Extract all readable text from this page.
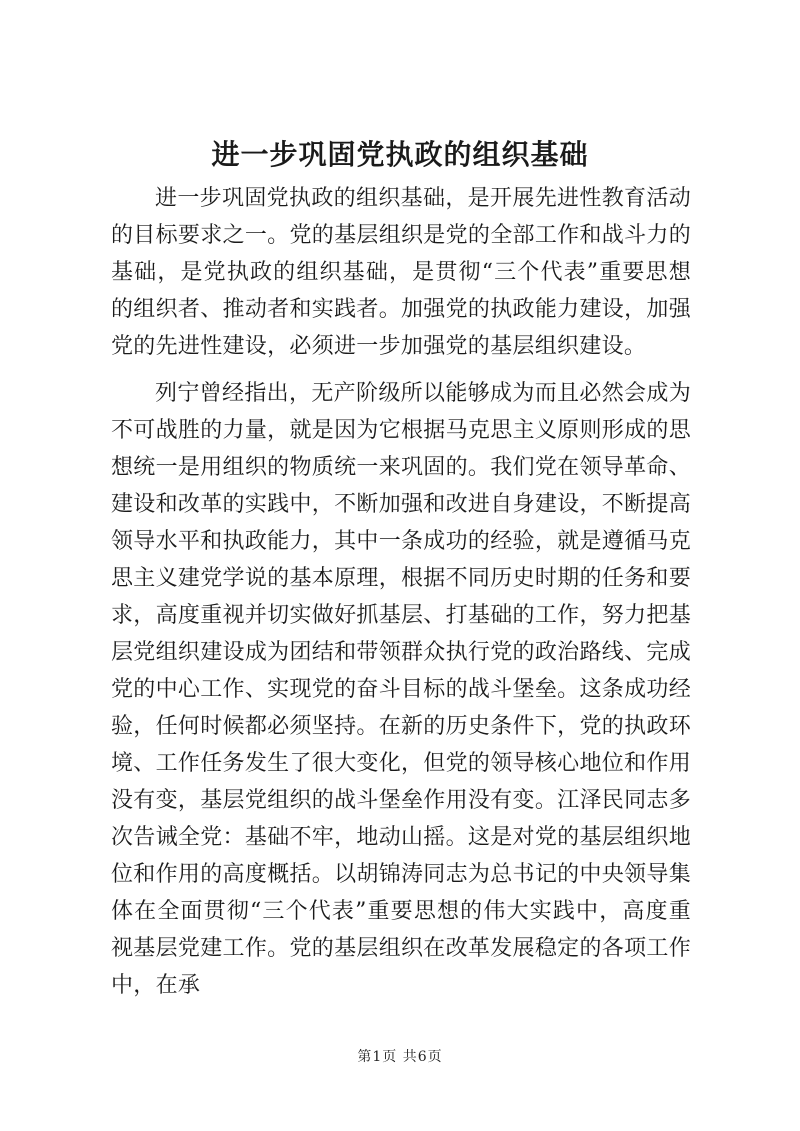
进一步巩固党执政的组织基础

进一步巩固党执政的组织基础，是开展先进性教育活动的目标要求之一。党的基层组织是党的全部工作和战斗力的基础，是党执政的组织基础，是贯彻“三个代表”重要思想的组织者、推动者和实践者。加强党的执政能力建设，加强党的先进性建设，必须进一步加强党的基层组织建设。

列宁曾经指出，无产阶级所以能够成为而且必然会成为不可战胜的力量，就是因为它根据马克思主义原则形成的思想统一是用组织的物质统一来巩固的。我们党在领导革命、建设和改革的实践中，不断加强和改进自身建设，不断提高领导水平和执政能力，其中一条成功的经验，就是遵循马克思主义建党学说的基本原理，根据不同历史时期的任务和要求，高度重视并切实做好抓基层、打基础的工作，努力把基层党组织建设成为团结和带领群众执行党的政治路线、完成党的中心工作、实现党的奋斗目标的战斗堡垒。这条成功经验，任何时候都必须坚持。在新的历史条件下，党的执政环境、工作任务发生了很大变化，但党的领导核心地位和作用没有变，基层党组织的战斗堡垒作用没有变。江泽民同志多次告诫全党：基础不牢，地动山摇。这是对党的基层组织地位和作用的高度概括。以胡锦涛同志为总书记的中央领导集体在全面贯彻“三个代表”重要思想的伟大实践中，高度重视基层党建工作。党的基层组织在改革发展稳定的各项工作中，在承

第1页 共6页
